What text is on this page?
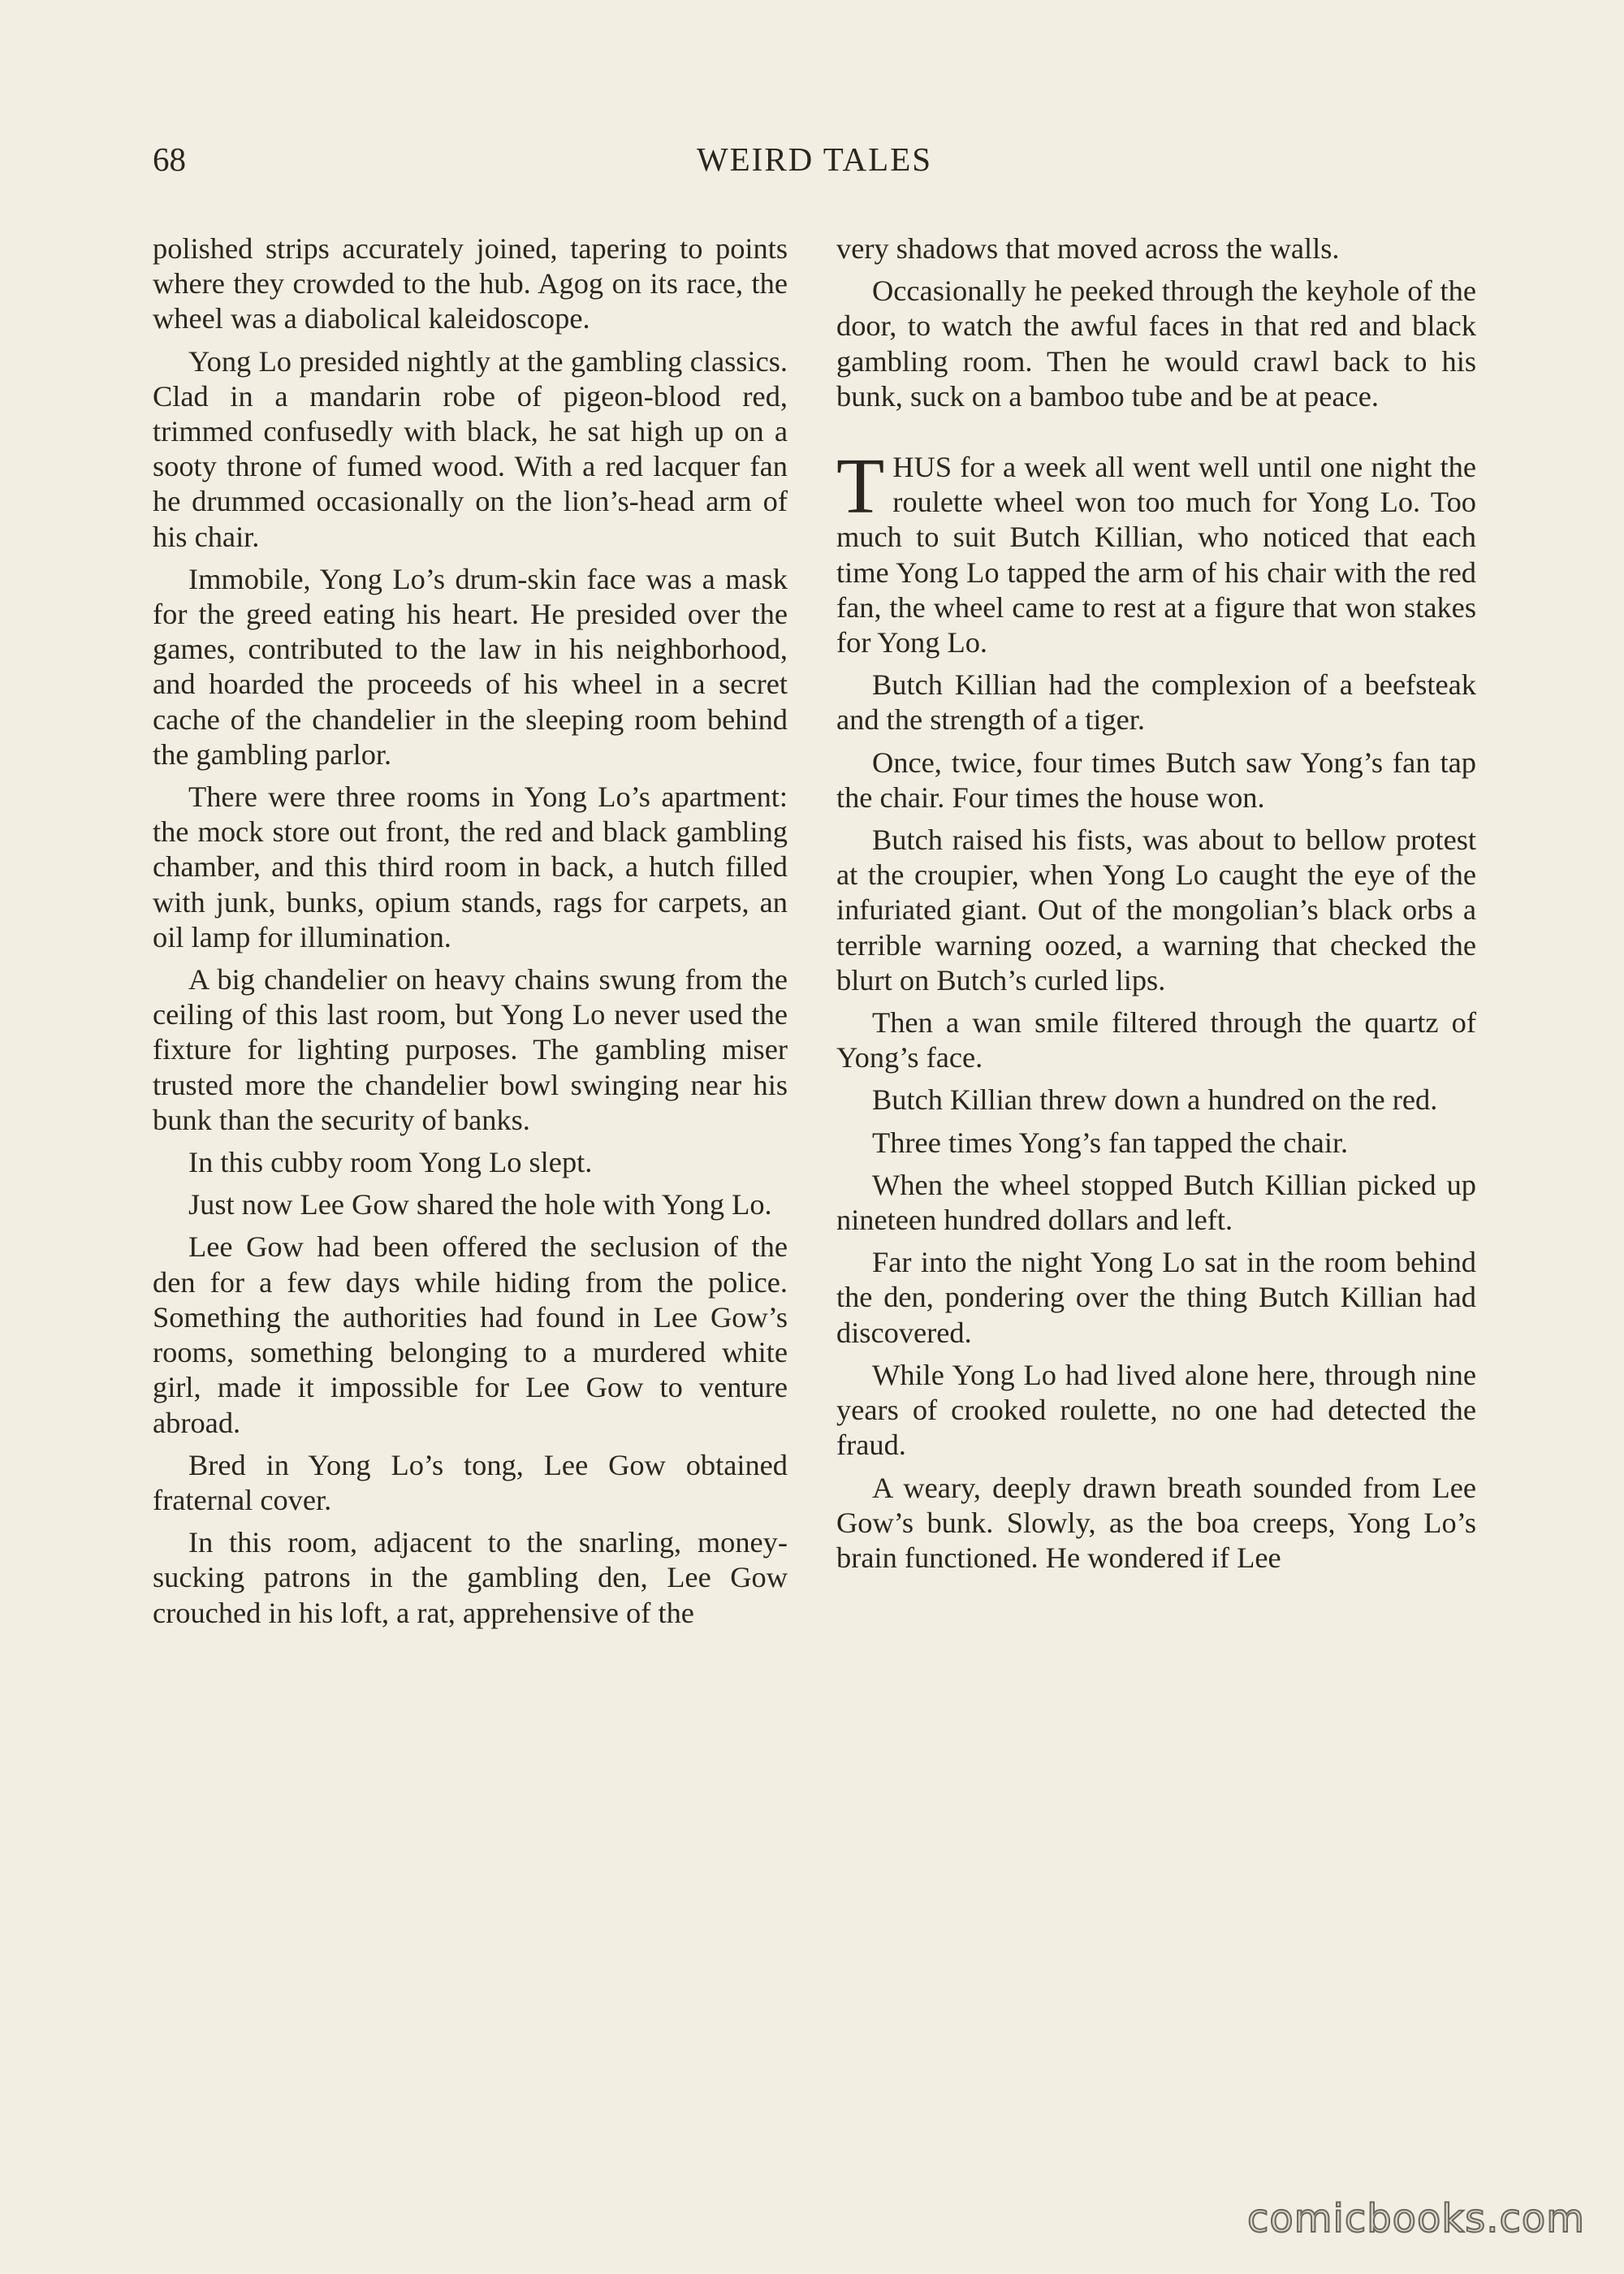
68	WEIRD TALES

polished strips accurately joined, tapering to points where they crowded to the hub. Agog on its race, the wheel was a diabolical kaleidoscope.

Yong Lo presided nightly at the gambling classics. Clad in a mandarin robe of pigeon-blood red, trimmed confusedly with black, he sat high up on a sooty throne of fumed wood. With a red lacquer fan he drummed occasionally on the lion’s-head arm of his chair.

Immobile, Yong Lo’s drum-skin face was a mask for the greed eating his heart. He presided over the games, contributed to the law in his neighborhood, and hoarded the proceeds of his wheel in a secret cache of the chandelier in the sleeping room behind the gambling parlor.

There were three rooms in Yong Lo’s apartment: the mock store out front, the red and black gambling chamber, and this third room in back, a hutch filled with junk, bunks, opium stands, rags for carpets, an oil lamp for illumination.

A big chandelier on heavy chains swung from the ceiling of this last room, but Yong Lo never used the fixture for lighting purposes. The gambling miser trusted more the chandelier bowl swinging near his bunk than the security of banks.

In this cubby room Yong Lo slept.

Just now Lee Gow shared the hole with Yong Lo.

Lee Gow had been offered the seclusion of the den for a few days while hiding from the police. Something the authorities had found in Lee Gow’s rooms, something belonging to a murdered white girl, made it impossible for Lee Gow to venture abroad.

Bred in Yong Lo’s tong, Lee Gow obtained fraternal cover.

In this room, adjacent to the snarling, money-sucking patrons in the gambling den, Lee Gow crouched in his loft, a rat, apprehensive of the

very shadows that moved across the walls.

Occasionally he peeked through the keyhole of the door, to watch the awful faces in that red and black gambling room. Then he would crawl back to his bunk, suck on a bamboo tube and be at peace.

THUS for a week all went well until one night the roulette wheel won too much for Yong Lo. Too much to suit Butch Killian, who noticed that each time Yong Lo tapped the arm of his chair with the red fan, the wheel came to rest at a figure that won stakes for Yong Lo.

Butch Killian had the complexion of a beefsteak and the strength of a tiger.

Once, twice, four times Butch saw Yong’s fan tap the chair. Four times the house won.

Butch raised his fists, was about to bellow protest at the croupier, when Yong Lo caught the eye of the infuriated giant. Out of the mongolian’s black orbs a terrible warning oozed, a warning that checked the blurt on Butch’s curled lips.

Then a wan smile filtered through the quartz of Yong’s face.

Butch Killian threw down a hundred on the red.

Three times Yong’s fan tapped the chair.

When the wheel stopped Butch Killian picked up nineteen hundred dollars and left.

Far into the night Yong Lo sat in the room behind the den, pondering over the thing Butch Killian had discovered.

While Yong Lo had lived alone here, through nine years of crooked roulette, no one had detected the fraud.

A weary, deeply drawn breath sounded from Lee Gow’s bunk. Slowly, as the boa creeps, Yong Lo’s brain functioned. He wondered if Lee

comicbooks.com
